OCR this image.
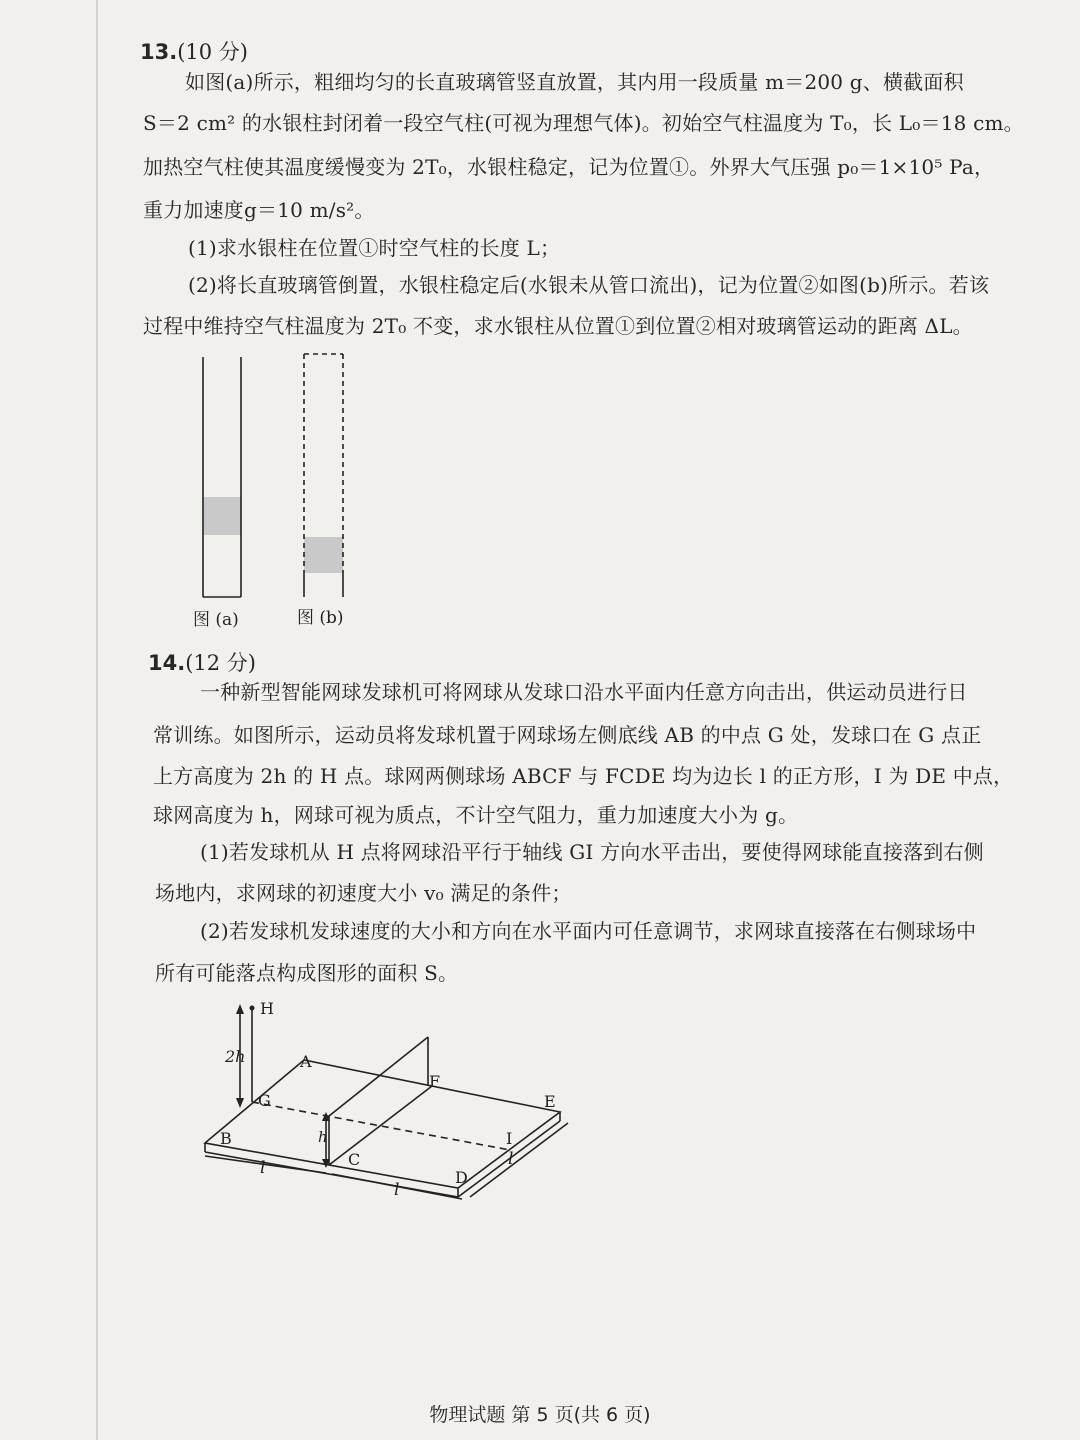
13.(10 分)
如图(a)所示，粗细均匀的长直玻璃管竖直放置，其内用一段质量 m＝200 g、横截面积
S＝2 cm² 的水银柱封闭着一段空气柱(可视为理想气体)。初始空气柱温度为 T₀，长 L₀＝18 cm。
加热空气柱使其温度缓慢变为 2T₀，水银柱稳定，记为位置①。外界大气压强 p₀＝1×10⁵ Pa，
重力加速度g＝10 m/s²。
(1)求水银柱在位置①时空气柱的长度 L；
(2)将长直玻璃管倒置，水银柱稳定后(水银未从管口流出)，记为位置②如图(b)所示。若该
过程中维持空气柱温度为 2T₀ 不变，求水银柱从位置①到位置②相对玻璃管运动的距离 ΔL。
图 (a)	图 (b)
14.(12 分)
一种新型智能网球发球机可将网球从发球口沿水平面内任意方向击出，供运动员进行日
常训练。如图所示，运动员将发球机置于网球场左侧底线 AB 的中点 G 处，发球口在 G 点正
上方高度为 2h 的 H 点。球网两侧球场 ABCF 与 FCDE 均为边长 l 的正方形，I 为 DE 中点，
球网高度为 h，网球可视为质点，不计空气阻力，重力加速度大小为 g。
(1)若发球机从 H 点将网球沿平行于轴线 GI 方向水平击出，要使得网球能直接落到右侧
场地内，求网球的初速度大小 v₀ 满足的条件；
(2)若发球机发球速度的大小和方向在水平面内可任意调节，求网球直接落在右侧球场中
所有可能落点构成图形的面积 S。
H
A
F
E
G
B
C
D
I
2h
h
l
l
l
物理试题 第 5 页(共 6 页)
